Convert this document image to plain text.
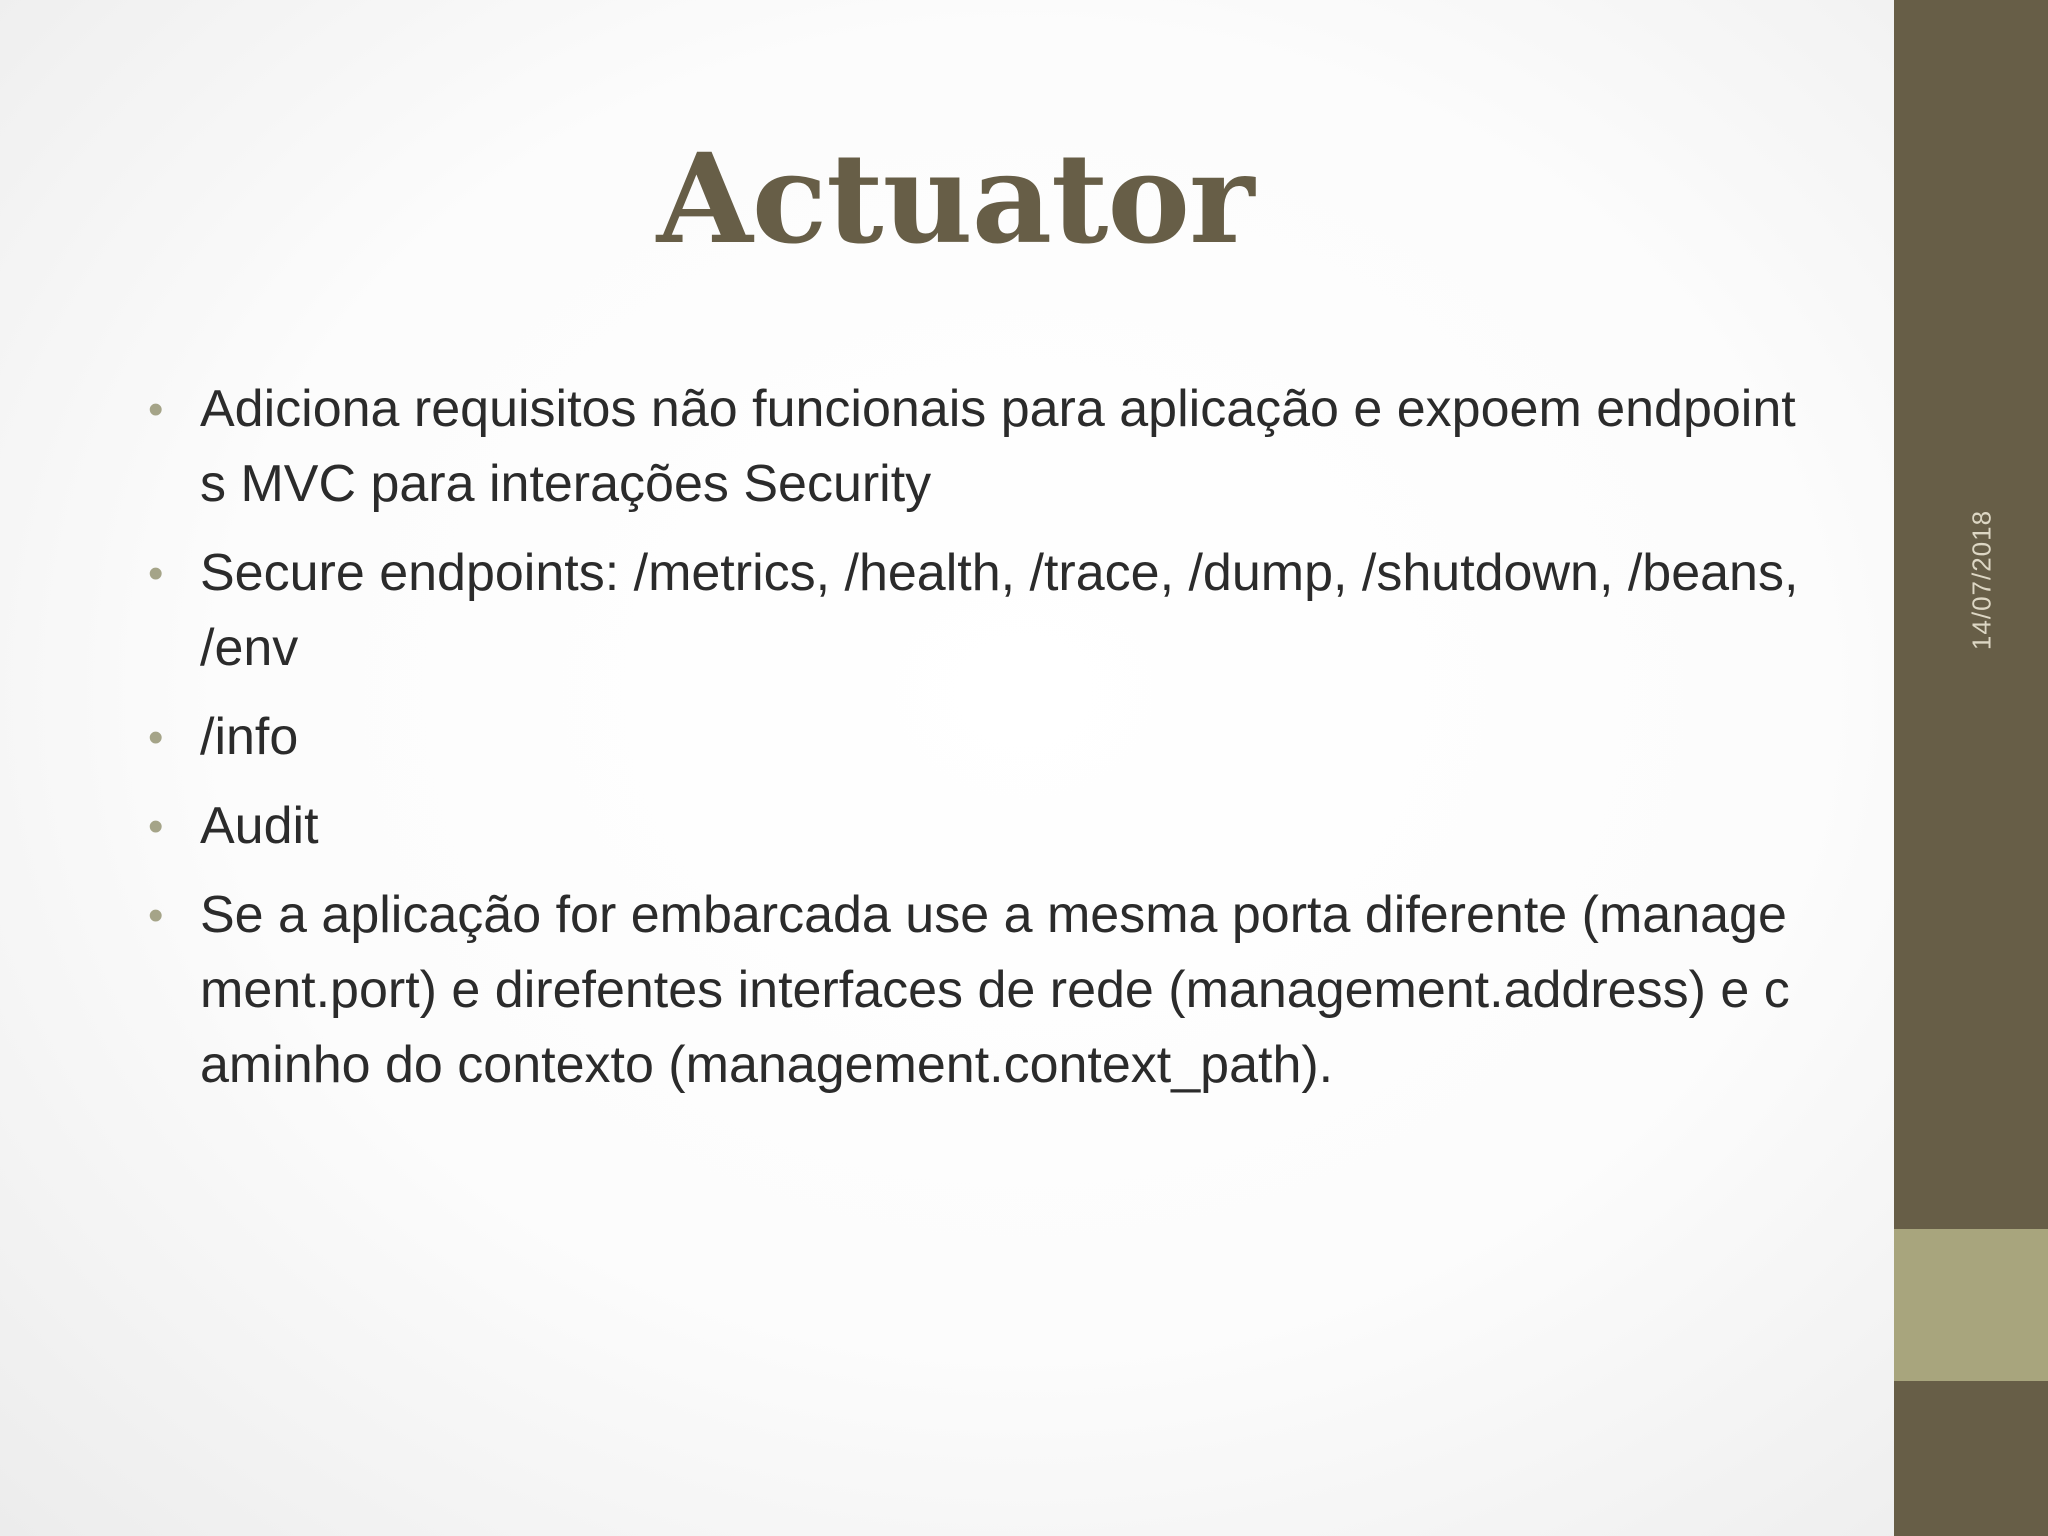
Actuator
• Adiciona requisitos não funcionais para aplicação e expoem endpoints MVC para interações Security
• Secure endpoints: /metrics, /health, /trace, /dump, /shutdown, /beans, /env
• /info
• Audit
• Se a aplicação for embarcada use a mesma porta diferente (management.port) e direfentes interfaces de rede (management.address) e caminho do contexto (management.context_path).
14/07/2018
